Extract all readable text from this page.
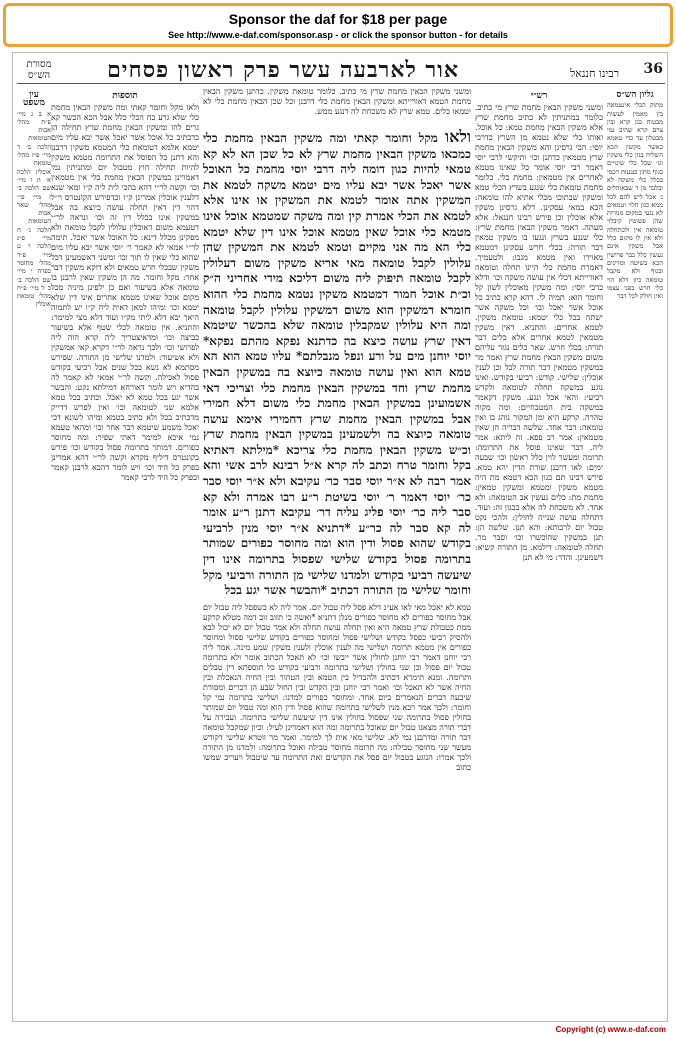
Sponsor the daf for $18 per page
See http://www.e-daf.com/sponsor.asp - or click the sponsor button - for details
36
רבינו חננאל
אור לארבעה עשר פרק ראשון פסחים
מסורת הש״ס
גליון הש״ס

מתוק הכלי אינטמאה בין מאמין לעשות מבטוח בגן קרא ובין צרם קרא שהיב נמי מבטלון עד כדי טאמא כאשר מקשין הכא השליח בגון כלי משקין וגו׳ שכל כלי שינויים בגוף מתון כטעות דכמי בכלל כלי משקה לא ובלבד מן ד שבאוהלים נ׳ אכל ליש להם לכל ממא כגון הלוי וטמאים לא נגעי במקום מנורות שהן פשוטין קיבלוי טומאה אין ולכתחלה ולא אין לו מקום כלל אבל משקין אינם נעשין כלל כבר פרושין הכא בשיטה ומדינים ובגוף ולא מקבל טומאה כיון דלא הוי כלי חרש בפני עצמו ואין חולק לכל דבר

רש״י

ומשני משקין הבאין מחמת שרץ מי כתיב. כלומר במתניתין לא כתיב מחמת שרץ אלא משקין הבאין מחמת טמא: כל אוכל. ואותו כלי שלא נטמא מן השרץ כדרבי יוסי: הכי גרסינן והא משקין הבאין מחמת שרץ מטמאין כדתנן וכו׳ ותיקשי לרבי יוסי דאמר רבי יוסי אומר כל שאינו מטמא לאחרים אין מטמאין: מחמת כלי. כלומר מחמת טומאת כלי שנגע בשרץ הכלי טמא ומשקין שבתוכו מכלי אתיא להו טומאה: הכא במאי עסקינן. דלא גרסינן משקין אלא אוכלין וכן פירש רבינו חננאל: אלא מעתה. דאמר משקין הבאין מחמת שרץ: כלי שנגע בשרץ ונגעו בו משקין טמאין דבר תורה: בכלי חרש עסקינן דמטמא מאוירו ואין מטמא מגבו: ולטעמיך. דאמרת מחמת כלי היינו תחלה וטומאה דאורייתא דכלי אין עושה משקה וכו׳ ודלא כרבי יוסי: ומה משקין מאוכלין לשון קל וחומר הוא: תמיה לי. דהא קרא כתיב כל אוכל אשר יאכל ובו׳ וכל משקה אשר ישתה בכל כלי יטמא: טומאת משקין. לטמא אחרים: והתניא. דאין משקין מטמאין לטמא אחרים אלא כלים דבר תורה: בכלי חרש. שאר כלים נגזר עליהם משום משקין הבאין מחמת שרץ ואמר מר במשקין מטמאין דבר תורה לכל וכן לענין אוכלין: שלישי. קודש: רביעי בקודש. ואינו נוגע במשקה תחלה לטומאה ולקדש רביעי: והאי אכל ונגע. משקין דקאמר במשקה בית המטבחיים: ומה מקוה טהרה. קרקע היא ומן המקור נוהג בו ואין טומאה: דבר אחר. שלשה דבריה הן שאין מטמאין: אמר רב פפא. זה ליתא: אמר ליה. דבר שאינו פוסל את התרומה: תרומה ומעשר לוין כלל ראשון וכו׳ שבעה ימים: לאו דרבנן שורת הדין יהא טמא. פירש רבינו תם כגון הכא דטמא מת היה מטמא משקין ומטמא ומשקין טמאין: מחמת מת: כלים נעשין אב הטומאה: ולא אחד. לא משכחת לה אלא בכגון זה: ועוד. דתחלה עושה שנייה לחולין: ולהכי נקט טבול יום לרבותא: והא תנן. שלשה הן: תנן במשקין שהוכשרו וכו׳ וסבר מר. תחלה לטומאה: דילמא. מן התורה קשיא: דשמעינן. והדר: מי לא תנן

ומשני משקין הבאין מחמת שרץ מי כתיב. כלומר טומאת משקין. כדתנן משקין הבאין מחמת הטמא דאורייתא ומשקין הבאין מחמת כלי דרבנן וכל שכן הבאין מחמת כלי לא יטמאו כלים. טמא שרץ לא משכחת לה דנגע ממש.

ולאו מקל וחומר קאתי ומה משקין הבאין מחמת כלי כמכאו משקין הבאין מחמת שרץ לא כל שכן הא לא קא טמאי להיות כגון דומה ליה דרבי יוסי מחמת כל האוכל אשר יאכל אשר יבא עליו מים יטמא משקה לטמא את המשקין אתה אומר לטמא את המשקין או אינו אלא לטמא את הכלי אמרת קין ומה משקה שמטמא אוכל אינו מטמא כלי אוכל שאין מטמא אוכל אינו דין שלא יטמא כלי הא מה אני מקיים וטמא לטמא את המשקין שהן עלולין לקבל טומאה מאי אריא משקין משום דעלולין לקבל טומאה תיפוק ליה משום דליכא מידי אחריני ה״ק וכ״ת אוכל חמור דמטמא משקין נטמא מחמת כלי ההוא חומרא דמשקין הוא משום דמשקין עלולין לקבל טומאה ומה היא עלולין שמקבלין טומאה שלא בהכשר שיטמא דאין שרץ עושה כיצא בה כדתנא נפקא מהתם נפקא* יוסי יוחנן מים על ורע ונפל מנבלתם* עליו טמא הוא הא טמא הוא ואין עושה טומאה כיוצא בה במשקין הבאין מחמת שרץ וחד במשקין הבאין מחמת כלי וצריכי דאי אשמועינן במשקין הבאין מחמת כלי משום דלא חמירי אבל במשקין הבאין מחמת שרץ דחמירי אימא עושה טומאה כיוצא בה ולשמעינן במשקין הבאין מחמת שרץ וכ״ש משקין הבאין מחמת כלי צריכא *מילתא דאתיא בקל וחומר טרח וכתב לה קרא א״ל רבינא לרב אשי והא אמר רבה לא א״ר יוסי סבר כר׳ עקיבא ולא א״ר יוסי סבר כר׳ יוסי דאמר ר׳ יוסי בשיטת ר״ע רבו אמרה ולא קא סבר ליה כר׳ יוסי פליג עליה דר׳ עקיבא דתנן ר״ע אומר לה קא סבר לה כר״ע *דתניא א״ר יוסי מנין לרביעי בקודש שהוא פסול ודין הוא ומה מחוסר כפורים שמותר בתרומה פסול בקודש שלישי שפסול בתרומה אינו דין שיעשה רביעי בקודש ולמדנו שלישי מן התורה ורביעי מקל וחומר שלישי מן התורה דכתיב *והבשר אשר יגע בכל

טמא לא יאכל מאי לאו אע״ג דלא פסל ליה טבול יום. אמר ליה לא כשפסל ליה טבול יום אבל מחוסר כפורים לא מחוסר כפורים מנלן דתניא *ואשה כי תזוב זוב דמה מטלא קרקע ממת כטבולת שרץ טמאה היא ואין תחלה עושה תחלה ולא אמר טבול יום לא יכול לבא ולהסיק רביעי כפסל בקודש ושלישי פסול ומחוסר כפורים בקודש שלישי פסול ומחוסר כפורים אין מטמא תרומה ושלישי מה לענין אוכלין ולענין משקין שמע מינה. אמר ליה רבי יוחנן דאמר רבי יוחנן לחולין אשר ייבשו וכו׳ לא תאכל הכתוב אומר ולא בתרומה טבול יום פסול וכן שני בחולין ושלישי בתרומה ורביעי בקודש כל תוספתא דין טבלים ותרומה. ומנא תימרא דכתיב ולהבדיל בין הטמא ובין הטהור ובין החיה הנאכלת ובין החיה אשר לא תאכל וכו׳ ואמר רבי יוחנן ובין הקדש ובין החול שבע הן דברים ומסורת שיבעה דברים הנאמרים ביום אחד. ומחוסר כפורים למדנו: ושלישי בתרומה נמי קל וחומר: ולכך אמר רבא מנין לשלישי בתרומה שהוא פסול ודין הוא ומה טבול יום שמותר בחולין פסול בתרומה שני שפסול בחולין אינו דין שיעשה שלישי בתרומה. ועבירה על דברי תורה מצאנו טבול יום שאוכל בתרומה ומה הוא דאמרינן לעיל: וכיון שמקבל טומאה דבר תורה ומדרבנן נמי לא. שלישי מאי אית לך למימר. ואמר מר זוטרא שלישי דקודש מעשר שני מחוסר טבילה: מה תרומה מחוסר טבילה ואוכל בתרומה: ולמדנו מן התורה ולכך אמרו: הנוגע בטבול יום פסל את הקדשים ואת התרומה עד שיטבול ויעריב שמשו כתוב

תוספות

ולאו מקל וחומר קאתי ומה משקין הבאין מחמת כלי שלא גרע כח הכלי כלל אבל הכא הכשר קא גרים להו ומשקין הבאין מחמת שרץ תחילה הן כדכתיב כל אוכל אשר יאכל אשר יבא עליו מים יטמא אלמא דטומאת כלי המטמא משקין דרבנן והא דתנן כל הפוסל את התרומה מטמא משקין להיות תחילה חוץ מטבול יום ומתניתין נמי דאמרינן במשקין הבאין מחמת כלי אין מטמאין וכו׳ וקשה לר״י דהא בהכי לית ליה ק״ו ומאי שנא דלענין אוכלין אמרינן ק״ו וכדפירש הקונטרס וי״ל דהוי דין דאין תחלה עושה כיוצא בה אבל במשקין אינו בכלל דין זה וכו׳ ונראה לר״י דטעמא משום דאוכלין עלולין לקבל טומאה ולא מפקינן מכלל דינא: כל האוכל אשר יאכל. תימה לר״י אמאי לא קאמר ר׳ יוסי אשר יבא עליו מים שהוא כלי שאין לו תוך וכו׳ ומשני דאשמעינן דכל משקין שבכלי חרש טמאים ולא דוקא משקין דבר אחר: מקל וחומר. מה הן משקין שאין לרבנן בו טומאה אלא בשיעור ואם כן ילפינן מיניה מכל מקום אוכל שאינו מטמא אחרים אינו דין שלא יטמא וכו׳ ומיהו למאן דאית ליה ק״ו יש לתמוה היאך יבא דלא ליתי מק״ו ועוד דלא מצי למימר: והתניא. אין טומאה לכלי שטף אלא בשיעור כביצה וכו׳ ומדאיצטריך ליה קרא הוה ליה לפרושי וכו׳ ולכך נראה לר״י דקרא קאי אמשקין ולא אשיעור: ולמדנו שלישי מן התורה. שפירש מסתמא לא נשא בכל שנים אבל רביעי בקודש פסול לאכילה. וקשה לר״י אמאי לא קאמר לה בהדיא ויש לומר דאורחא דמילתא נקט: והבשר אשר יגע בכל טמא לא יאכל. וכתיב בכל טמא אלמא שני לטומאה וכו׳ ואין לפרש דדייק מדכתיב בכל ולא כתיב בטמא ומיהו לשונא דכי יאכל משמע שיטמא דבר אחר וכו׳ ומהאי טעמא נמי איכא למימר דאתי שפיר: ומה מחוסר כפורים. דמותר בתרומה פסול בקודש וכו׳ פירש בקונטרס דיליף מקרא וקשה לר״י דהא אמרינן בפרק כל היד וכו׳ ויש לומר דהכא לרבנן קאמר ובפרק כל היד לרבי קאמר

עין משפט

א ב ג מיי׳ פ״ח מהל׳ אבות הטומאות הלכה ב׳ ד מיי׳ פ״ז מהל׳ טומאת אוכלין הלכה א׳ ה ו מיי׳ שם הלכה ב׳ ז מיי׳ פ״י מהל׳ שאר אבות הטומאות הלכה ג׳ ח מיי׳ פ״ג הלכה ו׳ ט מיי׳ פ״ד מהל׳ מחוסר כפרה י מיי׳ שם הלכה ב׳ כ ל מיי׳ פ״ח מהל׳ טומאת אוכלין

Copyright (c) www.e-daf.com
